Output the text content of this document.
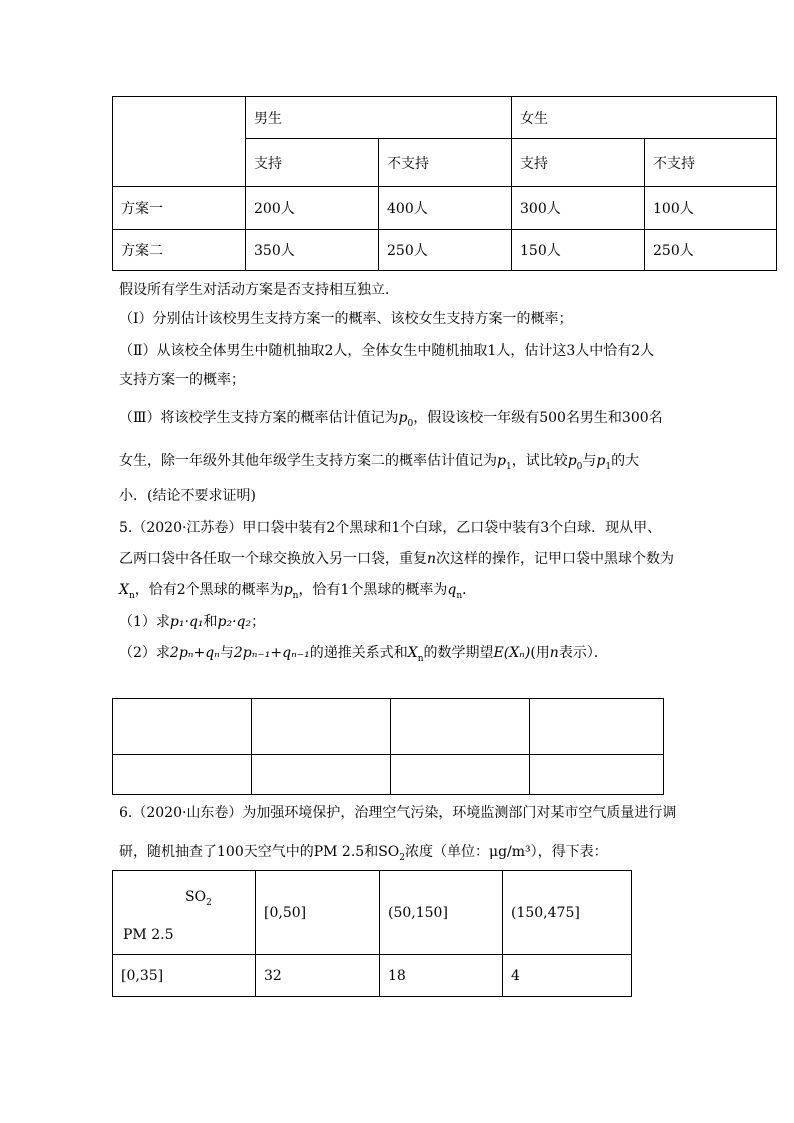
	男生		女生	
	支持	不支持	支持	不支持
方案一	200人	400人	300人	100人
方案二	350人	250人	150人	250人
假设所有学生对活动方案是否支持相互独立．
（Ⅰ）分别估计该校男生支持方案一的概率、该校女生支持方案一的概率；
（Ⅱ）从该校全体男生中随机抽取2人，全体女生中随机抽取1人，估计这3人中恰有2人
支持方案一的概率；
（Ⅲ）将该校学生支持方案的概率估计值记为$p_0$，假设该校一年级有500名男生和300名
女生，除一年级外其他年级学生支持方案二的概率估计值记为$p_1$，试比较$p_0$与$p_1$的大
小．(结论不要求证明)
5.（2020·江苏卷）甲口袋中装有2个黑球和1个白球，乙口袋中装有3个白球．现从甲、
乙两口袋中各任取一个球交换放入另一口袋，重复n次这样的操作，记甲口袋中黑球个数为
$X_n$，恰有2个黑球的概率为$p_n$，恰有1个黑球的概率为$q_n$．
（1）求p₁·q₁和p₂·q₂；
（2）求2pₙ+qₙ与2pₙ₋₁+qₙ₋₁的递推关系式和$X_n$的数学期望E(Xₙ)(用n表示）．

6.（2020·山东卷）为加强环境保护，治理空气污染，环境监测部门对某市空气质量进行调
研，随机抽查了100天空气中的PM 2.5和$SO_2$浓度（单位：μg/m³），得下表：
$SO_2$
PM 2.5	[0,50]	(50,150]	(150,475]
[0,35]	32	18	4
